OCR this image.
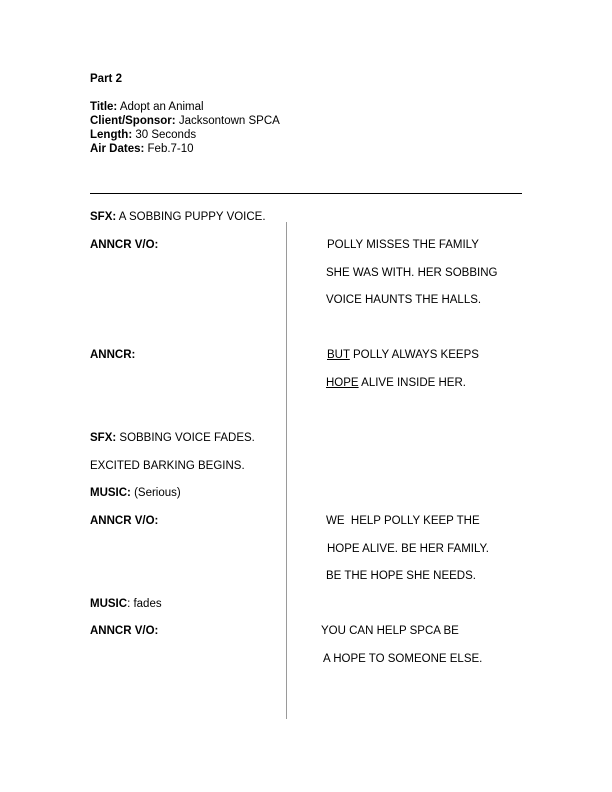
Part 2
Title: Adopt an Animal
Client/Sponsor: Jacksontown SPCA
Length: 30 Seconds
Air Dates: Feb.7-10
SFX: A SOBBING PUPPY VOICE.
ANNCR V/O:	POLLY MISSES THE FAMILY
SHE WAS WITH. HER SOBBING
VOICE HAUNTS THE HALLS.
ANNCR:	BUT POLLY ALWAYS KEEPS
HOPE ALIVE INSIDE HER.
SFX: SOBBING VOICE FADES.
EXCITED BARKING BEGINS.
MUSIC: (Serious)
ANNCR V/O:	WE  HELP POLLY KEEP THE
HOPE ALIVE. BE HER FAMILY.
BE THE HOPE SHE NEEDS.
MUSIC: fades
ANNCR V/O:	YOU CAN HELP SPCA BE
A HOPE TO SOMEONE ELSE.
